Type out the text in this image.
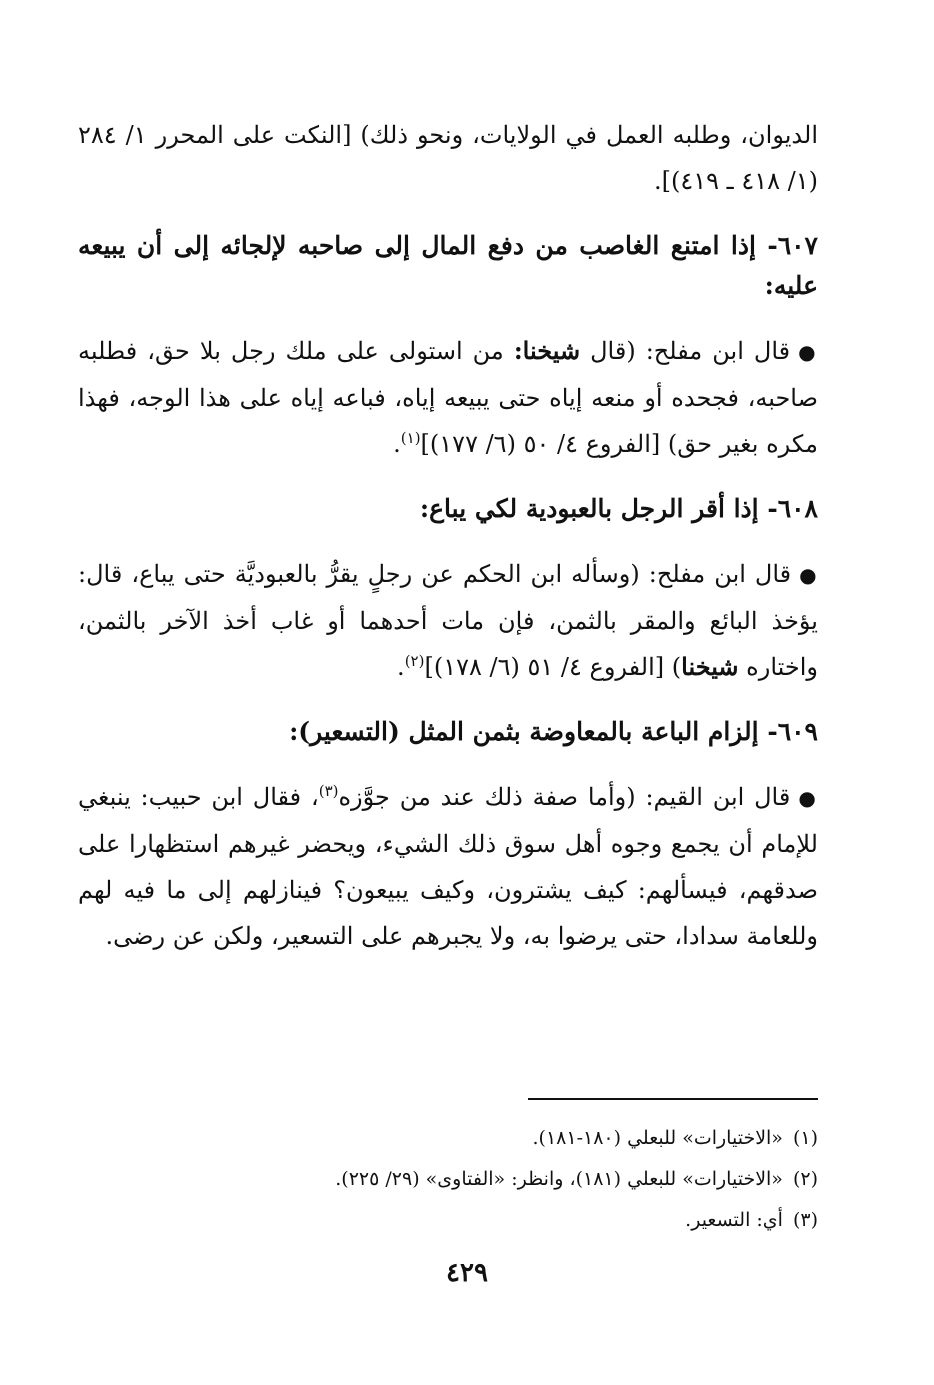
الديوان، وطلبه العمل في الولايات، ونحو ذلك) [النكت على المحرر ١/ ٢٨٤ (١/ ٤١٨ ـ ٤١٩)].

٦٠٧- إذا امتنع الغاصب من دفع المال إلى صاحبه لإلجائه إلى أن يبيعه عليه:

●قال ابن مفلح: (قال شيخنا: من استولى على ملك رجل بلا حق، فطلبه صاحبه، فجحده أو منعه إياه حتى يبيعه إياه، فباعه إياه على هذا الوجه، فهذا مكره بغير حق) [الفروع ٤/ ٥٠ (٦/ ١٧٧)]$^{(١)}$.

٦٠٨- إذا أقر الرجل بالعبودية لكي يباع:

●قال ابن مفلح: (وسأله ابن الحكم عن رجلٍ يقرُّ بالعبوديَّة حتى يباع، قال: يؤخذ البائع والمقر بالثمن، فإن مات أحدهما أو غاب أخذ الآخر بالثمن، واختاره شيخنا) [الفروع ٤/ ٥١ (٦/ ١٧٨)]$^{(٢)}$.

٦٠٩- إلزام الباعة بالمعاوضة بثمن المثل (التسعير):

●قال ابن القيم: (وأما صفة ذلك عند من جوَّزه$^{(٣)}$، فقال ابن حبيب: ينبغي للإمام أن يجمع وجوه أهل سوق ذلك الشيء، ويحضر غيرهم استظهارا على صدقهم، فيسألهم: كيف يشترون، وكيف يبيعون؟ فينازلهم إلى ما فيه لهم وللعامة سدادا، حتى يرضوا به، ولا يجبرهم على التسعير، ولكن عن رضى.

(١)«الاختيارات» للبعلي (١٨٠-١٨١).

(٢)«الاختيارات» للبعلي (١٨١)، وانظر: «الفتاوى» (٢٩/ ٢٢٥).

(٣)أي: التسعير.

٤٢٩
